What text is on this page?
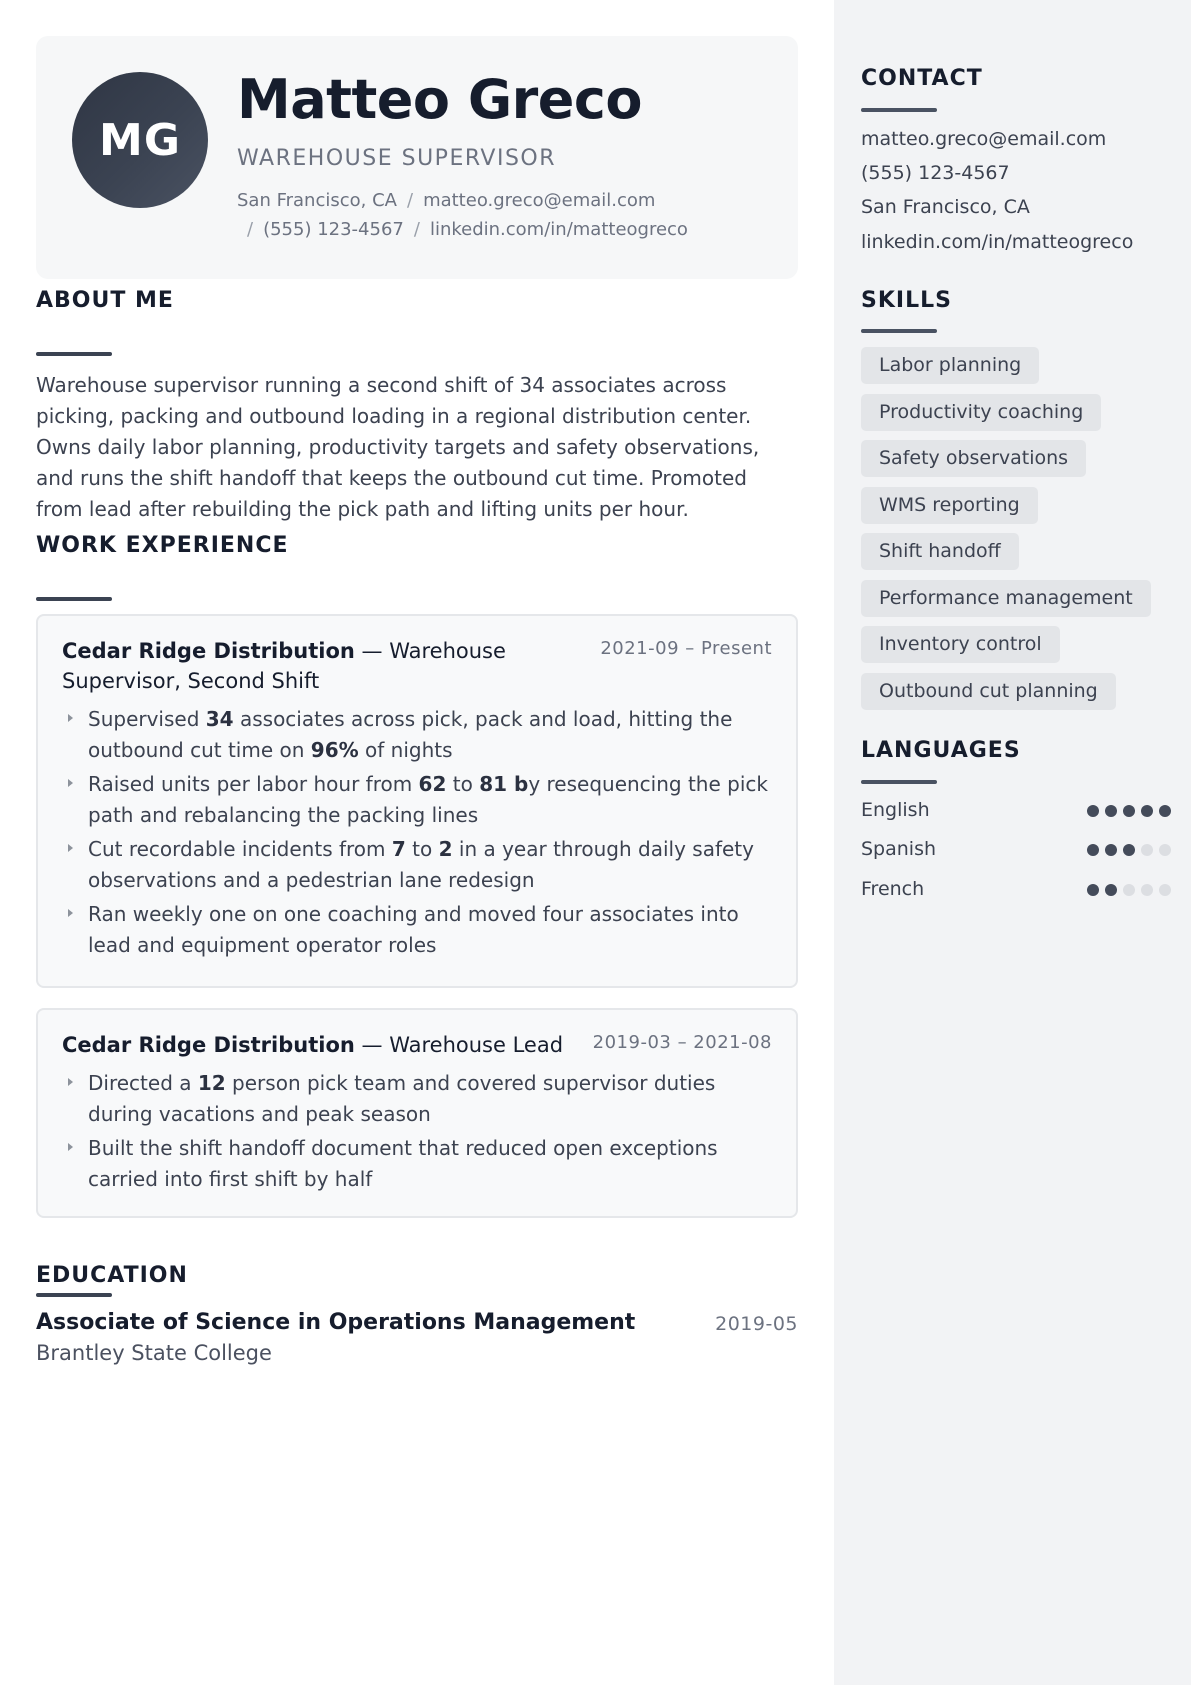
MG
Matteo Greco
WAREHOUSE SUPERVISOR
San Francisco, CA / matteo.greco@email.com
/ (555) 123-4567 / linkedin.com/in/matteogreco
ABOUT ME
Warehouse supervisor running a second shift of 34 associates across picking, packing and outbound loading in a regional distribution center. Owns daily labor planning, productivity targets and safety observations, and runs the shift handoff that keeps the outbound cut time. Promoted from lead after rebuilding the pick path and lifting units per hour.
WORK EXPERIENCE
Cedar Ridge Distribution — Warehouse Supervisor, Second Shift
2021-09 – Present
Supervised 34 associates across pick, pack and load, hitting the outbound cut time on 96% of nights
Raised units per labor hour from 62 to 81 by resequencing the pick path and rebalancing the packing lines
Cut recordable incidents from 7 to 2 in a year through daily safety observations and a pedestrian lane redesign
Ran weekly one on one coaching and moved four associates into lead and equipment operator roles
Cedar Ridge Distribution — Warehouse Lead	2019-03 – 2021-08
Directed a 12 person pick team and covered supervisor duties during vacations and peak season
Built the shift handoff document that reduced open exceptions carried into first shift by half
EDUCATION
Associate of Science in Operations Management	2019-05
Brantley State College
CONTACT
matteo.greco@email.com
(555) 123-4567
San Francisco, CA
linkedin.com/in/matteogreco
SKILLS
Labor planning
Productivity coaching
Safety observations
WMS reporting
Shift handoff
Performance management
Inventory control
Outbound cut planning
LANGUAGES
English
Spanish
French
